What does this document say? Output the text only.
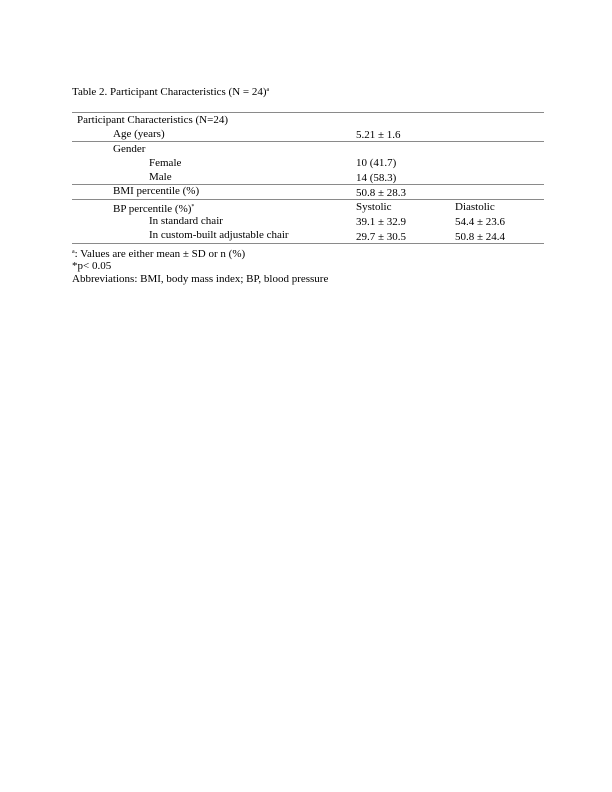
Table 2. Participant Characteristics (N = 24)$^a$
Participant Characteristics (N=24)
Age (years)	5.21 ± 1.6
Gender
Female	10 (41.7)
Male	14 (58.3)
BMI percentile (%)	50.8 ± 28.3
BP percentile (%)*	Systolic	Diastolic
In standard chair	39.1 ± 32.9	54.4 ± 23.6
In custom-built adjustable chair	29.7 ± 30.5	50.8 ± 24.4
$^a$: Values are either mean ± SD or n (%)
*p< 0.05
Abbreviations: BMI, body mass index; BP, blood pressure
